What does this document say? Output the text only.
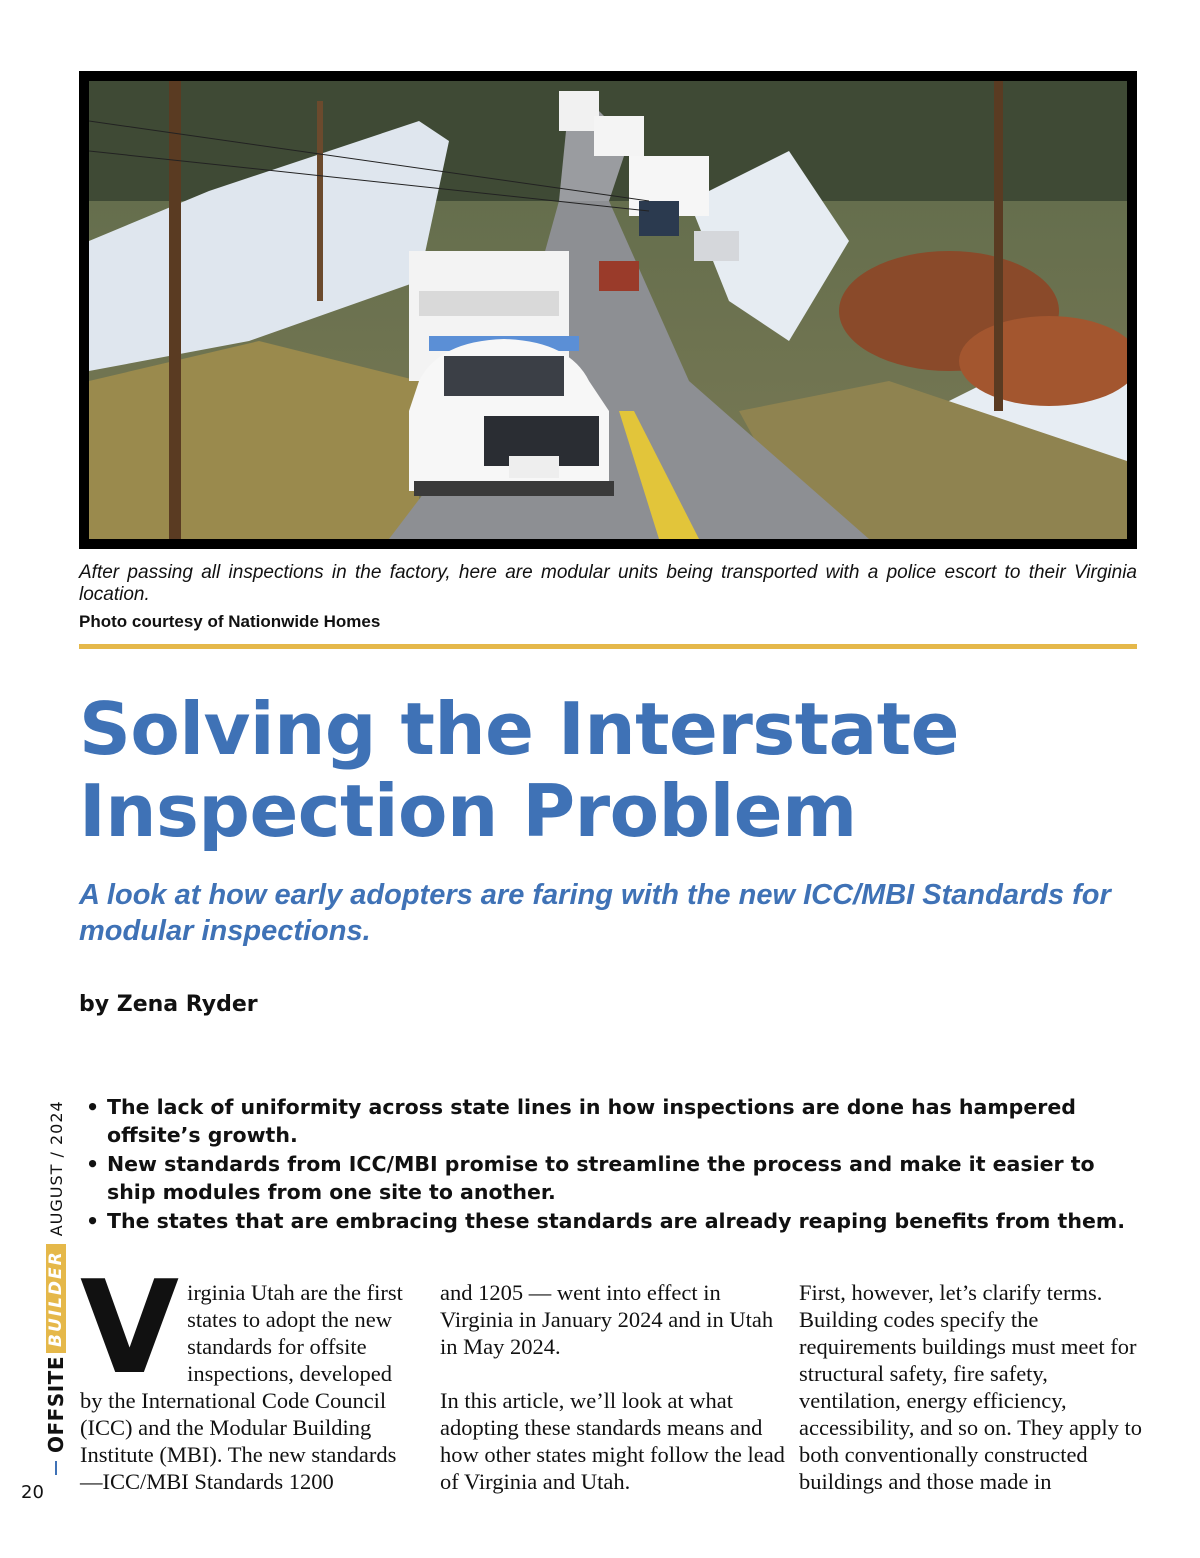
After passing all inspections in the factory, here are modular units being transported with a police escort to their Virginia location.
Photo courtesy of Nationwide Homes
Solving the Interstate Inspection Problem

A look at how early adopters are faring with the new ICC/MBI Standards for modular inspections.

by Zena Ryder
• The lack of uniformity across state lines in how inspections are done has hampered offsite’s growth.
• New standards from ICC/MBI promise to streamline the process and make it easier to ship modules from one site to another.
• The states that are embracing these standards are already reaping benefits from them.
V irginia Utah are the first states to adopt the new standards for offsite inspections, developed by the International Code Council (ICC) and the Modular Building Institute (MBI). The new standards —ICC/MBI Standards 1200

and 1205 — went into effect in Virginia in January 2024 and in Utah in May 2024.

In this article, we’ll look at what adopting these standards means and how other states might follow the lead of Virginia and Utah.

First, however, let’s clarify terms. Building codes specify the requirements buildings must meet for structural safety, fire safety, ventilation, energy efficiency, accessibility, and so on. They apply to both conventionally constructed buildings and those made in

OFFSITE
BUILDER
AUGUST / 2024
20
